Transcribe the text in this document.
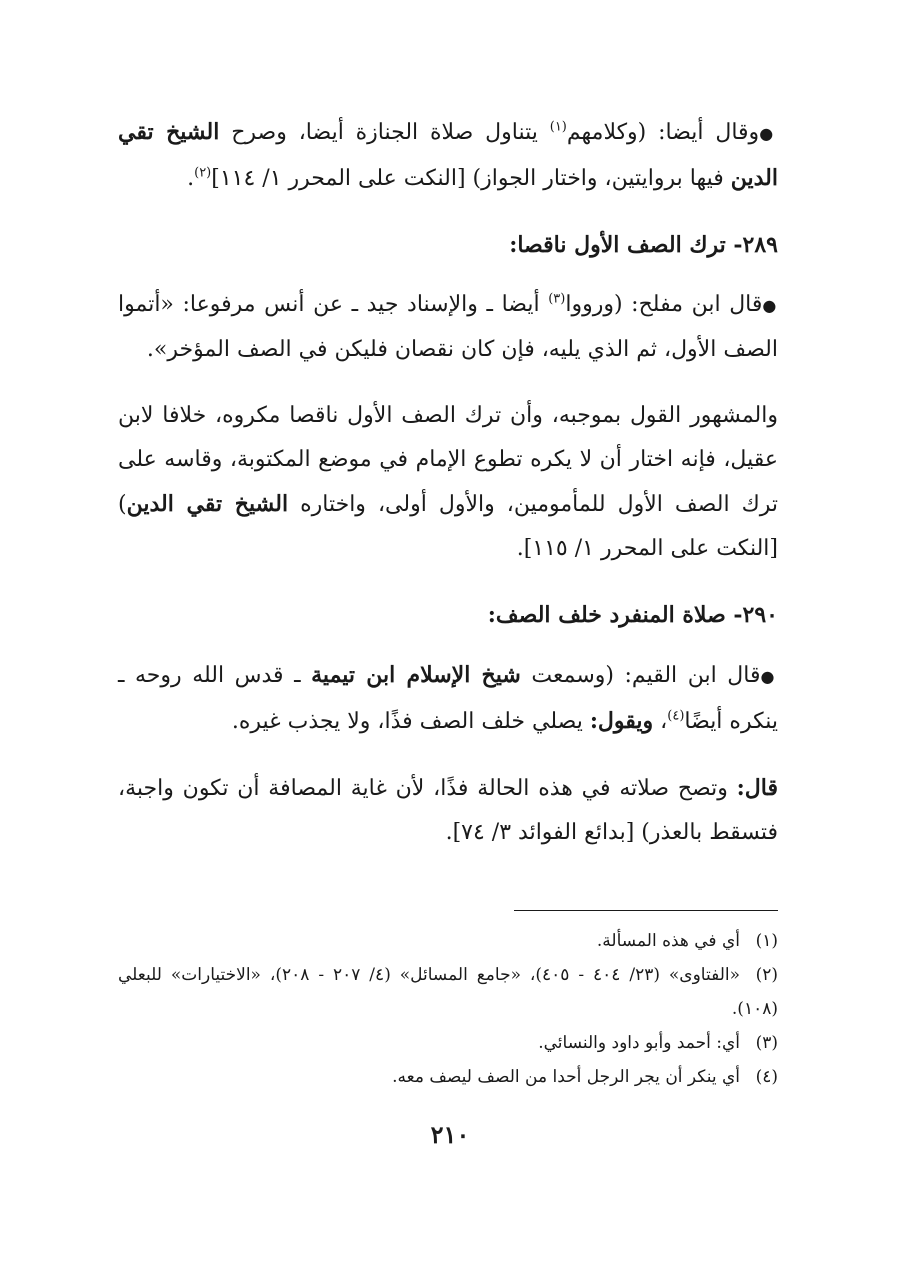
●وقال أيضا: (وكلامهم$^{(١)}$ يتناول صلاة الجنازة أيضا، وصرح الشيخ تقي الدين فيها بروايتين، واختار الجواز) [النكت على المحرر ١/ ١١٤]$^{(٢)}$.

٢٨٩- ترك الصف الأول ناقصا:

●قال ابن مفلح: (ورووا$^{(٣)}$ أيضا ـ والإسناد جيد ـ عن أنس مرفوعا: «أتموا الصف الأول، ثم الذي يليه، فإن كان نقصان فليكن في الصف المؤخر».

والمشهور القول بموجبه، وأن ترك الصف الأول ناقصا مكروه، خلافا لابن عقيل، فإنه اختار أن لا يكره تطوع الإمام في موضع المكتوبة، وقاسه على ترك الصف الأول للمأمومين، والأول أولى، واختاره الشيخ تقي الدين) [النكت على المحرر ١/ ١١٥].

٢٩٠- صلاة المنفرد خلف الصف:

●قال ابن القيم: (وسمعت شيخ الإسلام ابن تيمية ـ قدس الله روحه ـ ينكره أيضًا$^{(٤)}$، ويقول: يصلي خلف الصف فذًا، ولا يجذب غيره.

قال: وتصح صلاته في هذه الحالة فذًا، لأن غاية المصافة أن تكون واجبة، فتسقط بالعذر) [بدائع الفوائد ٣/ ٧٤].

(١)أي في هذه المسألة.

(٢)«الفتاوى» (٢٣/ ٤٠٤ - ٤٠٥)، «جامع المسائل» (٤/ ٢٠٧ - ٢٠٨)، «الاختيارات» للبعلي (١٠٨).

(٣)أي: أحمد وأبو داود والنسائي.

(٤)أي ينكر أن يجر الرجل أحدا من الصف ليصف معه.

٢١٠
